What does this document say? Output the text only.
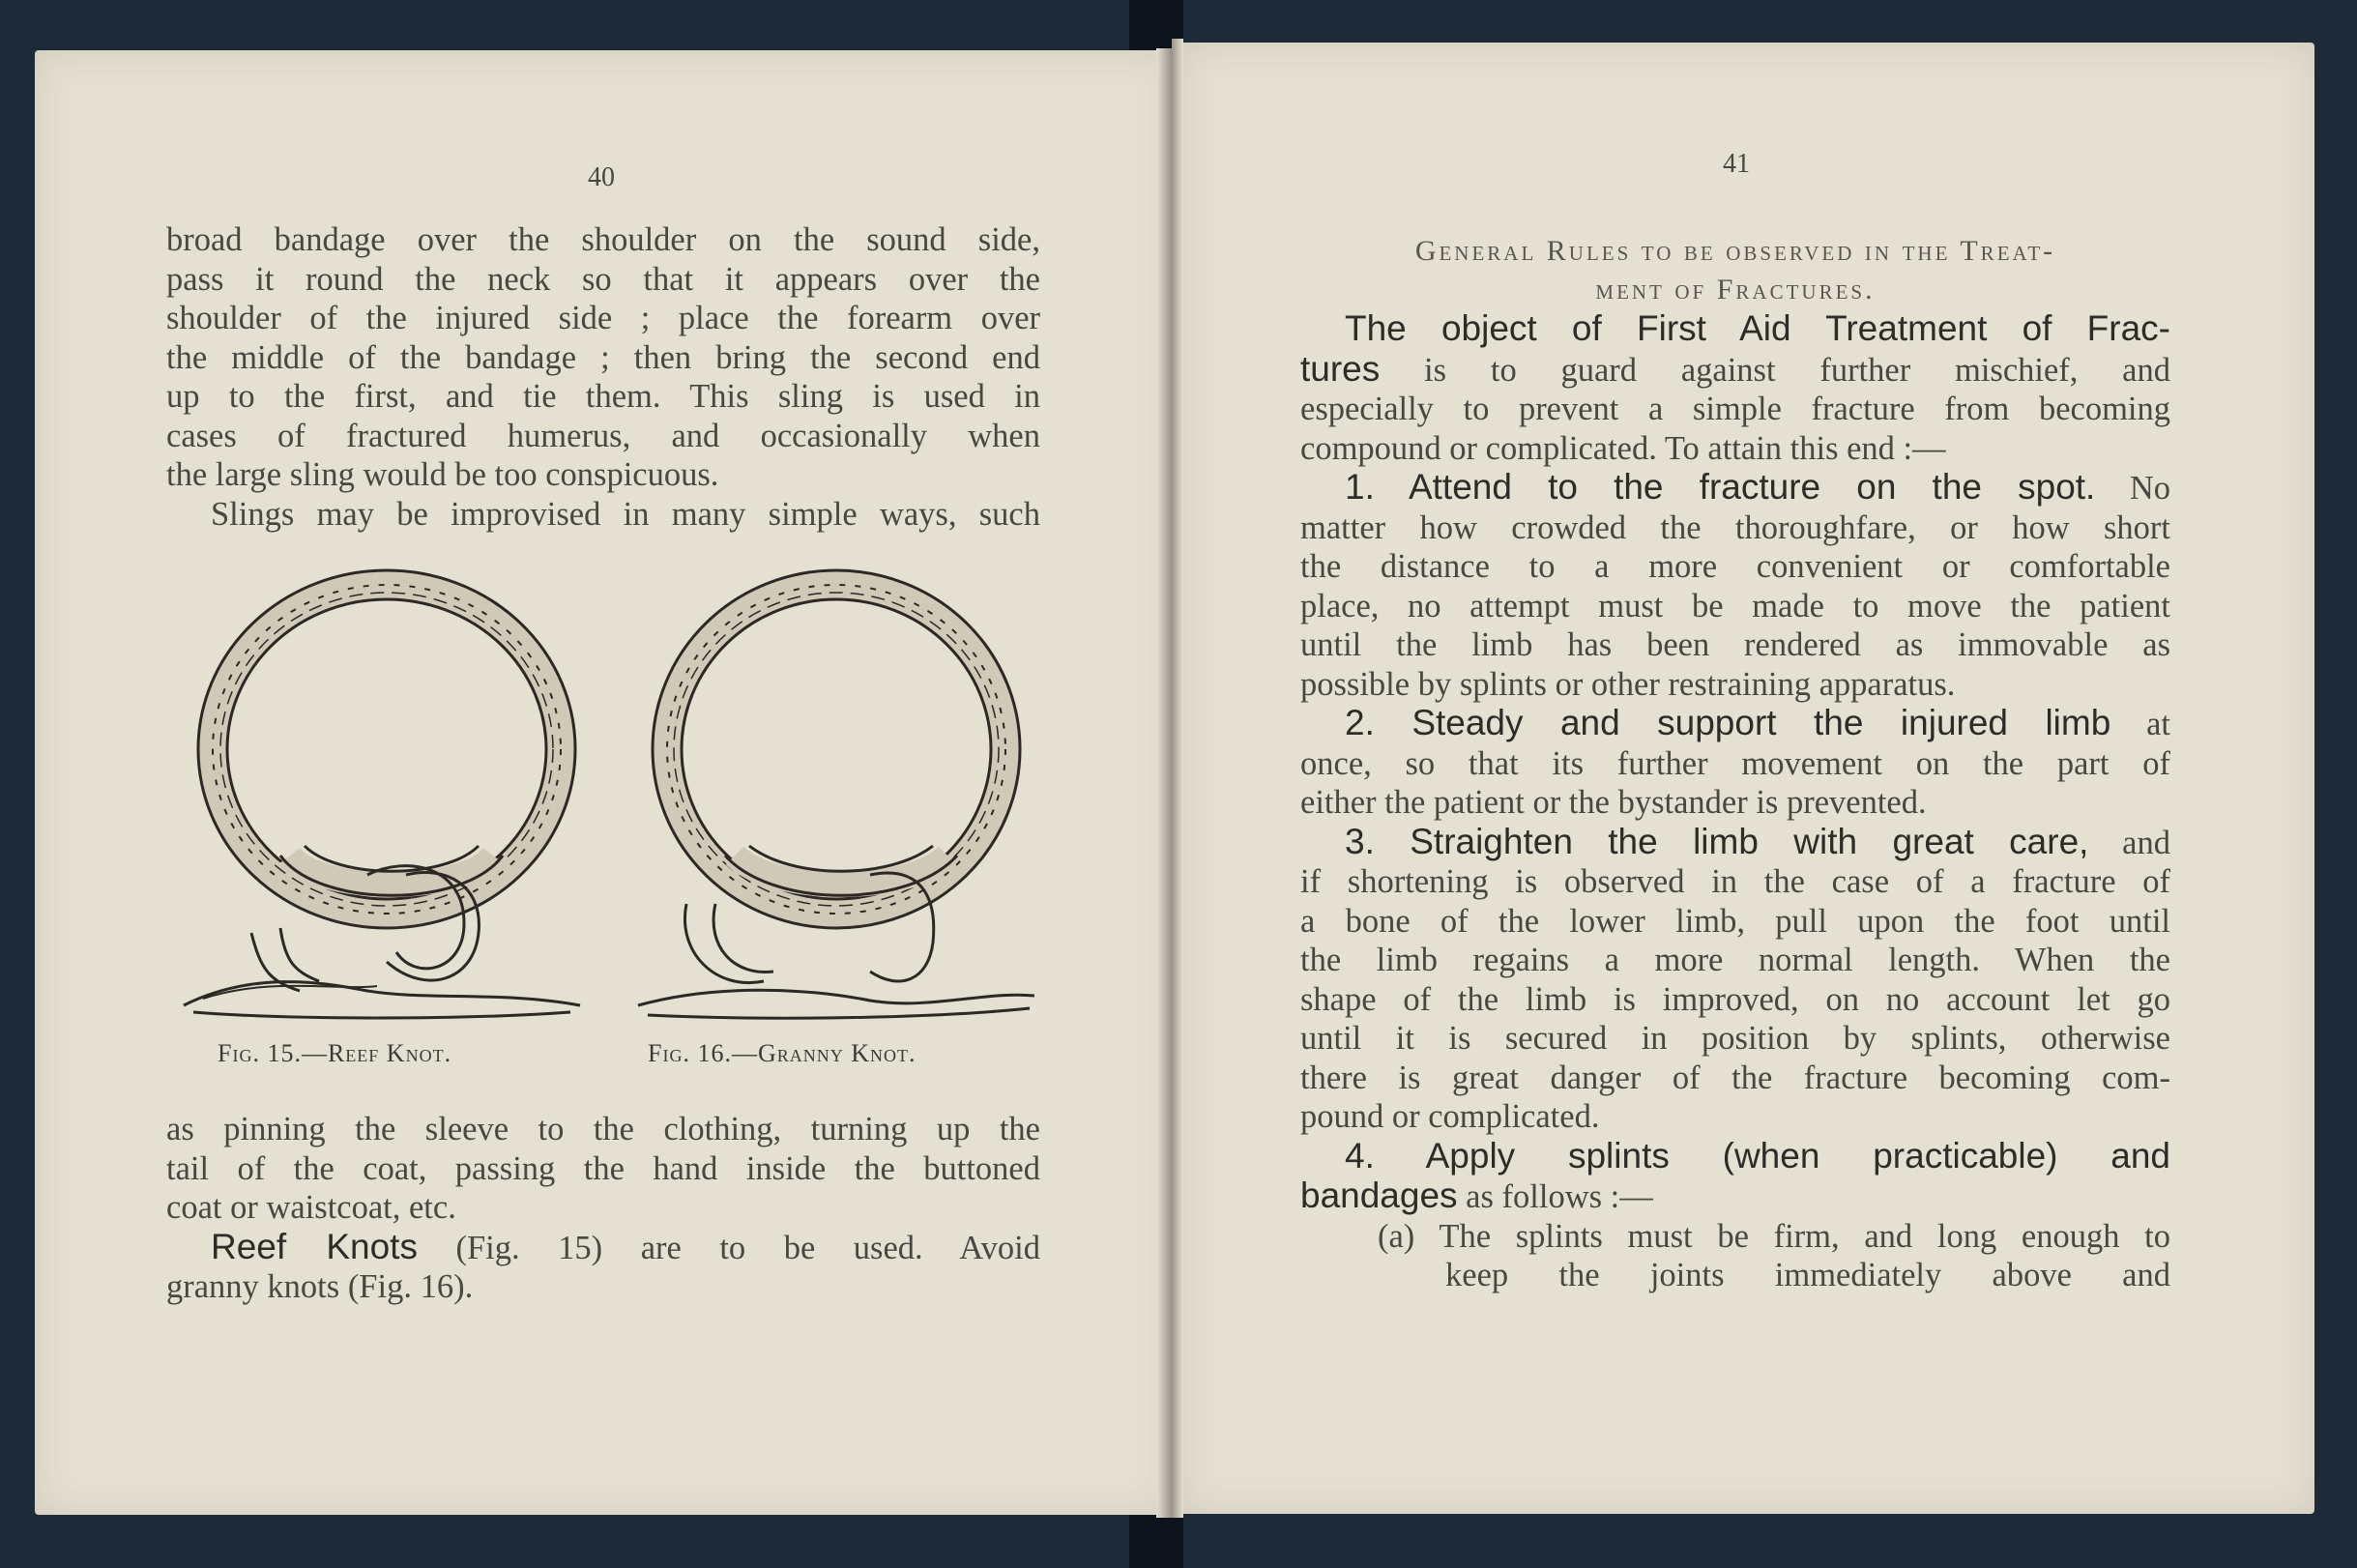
40

broad bandage over the shoulder on the sound side,

pass it round the neck so that it appears over the

shoulder of the injured side ; place the forearm over

the middle of the bandage ; then bring the second end

up to the first, and tie them. This sling is used in

cases of fractured humerus, and occasionally when

the large sling would be too conspicuous.

Slings may be improvised in many simple ways, such

Fig. 15.—Reef Knot.	Fig. 16.—Granny Knot.

as pinning the sleeve to the clothing, turning up the

tail of the coat, passing the hand inside the buttoned

coat or waistcoat, etc.

Reef Knots (Fig. 15) are to be used. Avoid

granny knots (Fig. 16).

41
General Rules to be observed in the Treat-
ment of Fractures.

The object of First Aid Treatment of Frac-

tures is to guard against further mischief, and

especially to prevent a simple fracture from becoming

compound or complicated. To attain this end :—

1. Attend to the fracture on the spot. No

matter how crowded the thoroughfare, or how short

the distance to a more convenient or comfortable

place, no attempt must be made to move the patient

until the limb has been rendered as immovable as

possible by splints or other restraining apparatus.

2. Steady and support the injured limb at

once, so that its further movement on the part of

either the patient or the bystander is prevented.

3. Straighten the limb with great care, and

if shortening is observed in the case of a fracture of

a bone of the lower limb, pull upon the foot until

the limb regains a more normal length. When the

shape of the limb is improved, on no account let go

until it is secured in position by splints, otherwise

there is great danger of the fracture becoming com-

pound or complicated.

4. Apply splints (when practicable) and

bandages as follows :—

(a) The splints must be firm, and long enough to

keep the joints immediately above and
